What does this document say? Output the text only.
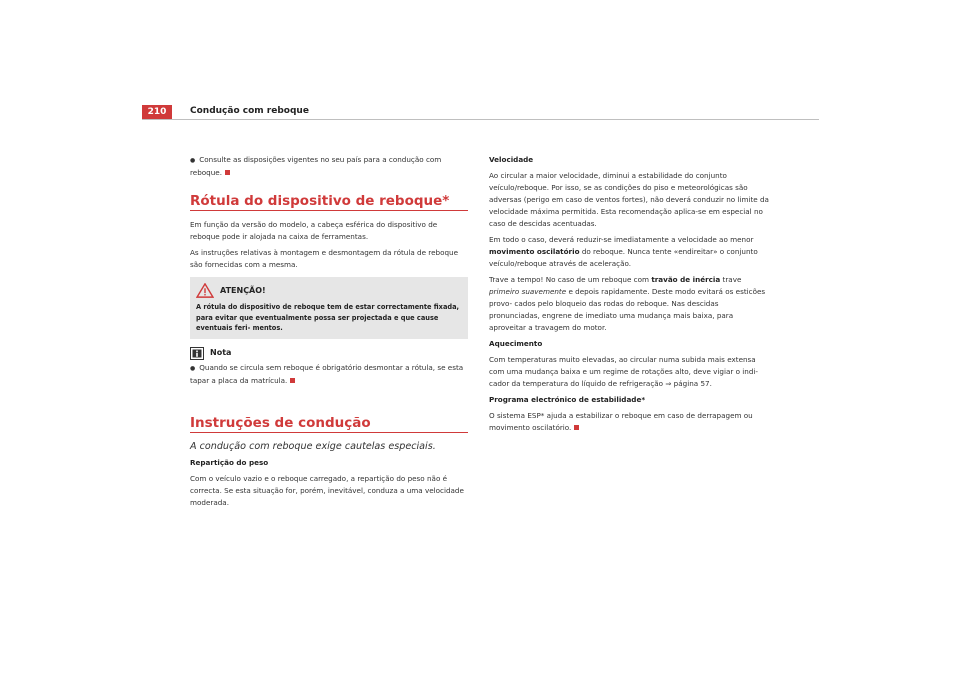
210	Condução com reboque

● Consulte as disposições vigentes no seu país para a condução com reboque.

Rótula do dispositivo de reboque*

Em função da versão do modelo, a cabeça esférica do dispositivo de reboque pode ir alojada na caixa de ferramentas.

As instruções relativas à montagem e desmontagem da rótula de reboque são fornecidas com a mesma.

ATENÇÃO!
A rótula do dispositivo de reboque tem de estar correctamente fixada, para evitar que eventualmente possa ser projectada e que cause eventuais feri- mentos.
Nota

● Quando se circula sem reboque é obrigatório desmontar a rótula, se esta tapar a placa da matrícula.

Instruções de condução

A condução com reboque exige cautelas especiais.

Repartição do peso

Com o veículo vazio e o reboque carregado, a repartição do peso não é correcta. Se esta situação for, porém, inevitável, conduza a uma velocidade moderada.

Velocidade

Ao circular a maior velocidade, diminui a estabilidade do conjunto veículo/reboque. Por isso, se as condições do piso e meteorológicas são adversas (perigo em caso de ventos fortes), não deverá conduzir no limite da velocidade máxima permitida. Esta recomendação aplica-se em especial no caso de descidas acentuadas.

Em todo o caso, deverá reduzir-se imediatamente a velocidade ao menor movimento oscilatório do reboque. Nunca tente «endireitar» o conjunto veículo/reboque através de aceleração.

Trave a tempo! No caso de um reboque com travão de inércia trave primeiro suavemente e depois rapidamente. Deste modo evitará os esticões provo- cados pelo bloqueio das rodas do reboque. Nas descidas pronunciadas, engrene de imediato uma mudança mais baixa, para aproveitar a travagem do motor.

Aquecimento

Com temperaturas muito elevadas, ao circular numa subida mais extensa com uma mudança baixa e um regime de rotações alto, deve vigiar o indi- cador da temperatura do líquido de refrigeração ⇒ página 57.

Programa electrónico de estabilidade*

O sistema ESP* ajuda a estabilizar o reboque em caso de derrapagem ou movimento oscilatório.
